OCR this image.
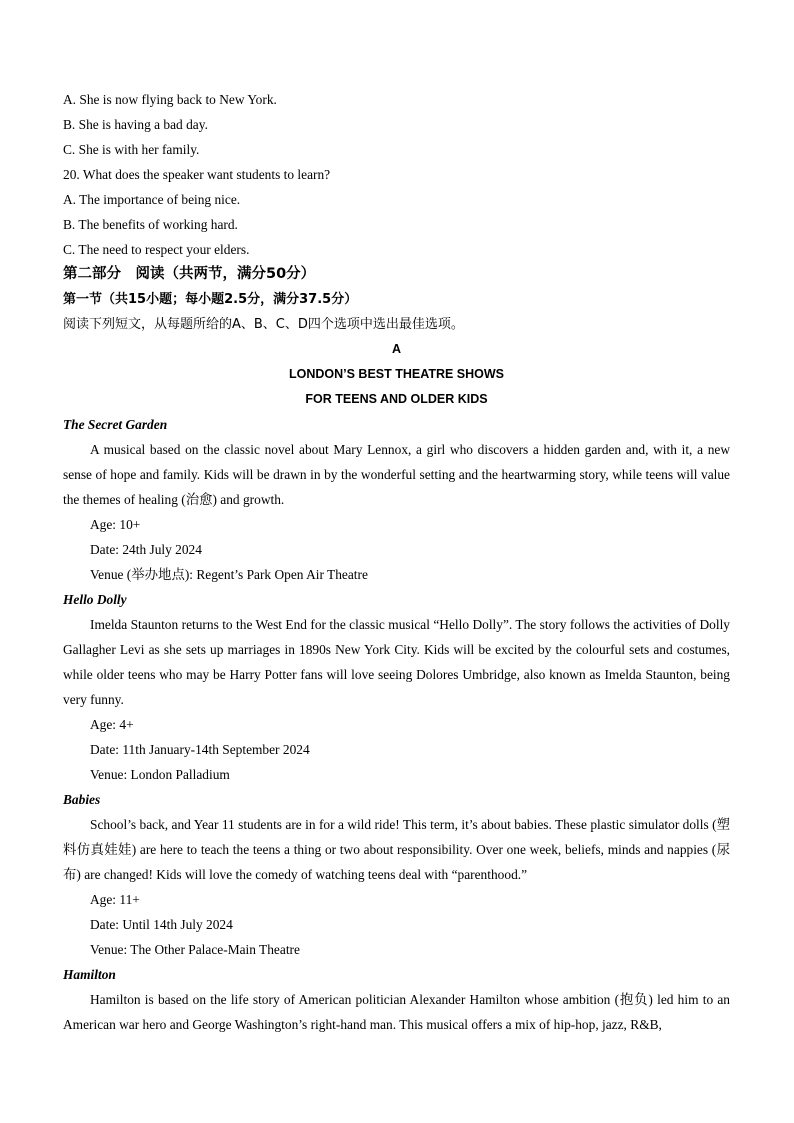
A. She is now flying back to New York.
B. She is having a bad day.
C. She is with her family.
20. What does the speaker want students to learn?
A. The importance of being nice.
B. The benefits of working hard.
C. The need to respect your elders.
第二部分　阅读（共两节，满分50分）
第一节（共15小题；每小题2.5分，满分37.5分）
阅读下列短文，从每题所给的A、B、C、D四个选项中选出最佳选项。
A
LONDON’S BEST THEATRE SHOWS
FOR TEENS AND OLDER KIDS
The Secret Garden

A musical based on the classic novel about Mary Lennox, a girl who discovers a hidden garden and, with it, a new sense of hope and family. Kids will be drawn in by the wonderful setting and the heartwarming story, while teens will value the themes of healing (治愈) and growth.

Age: 10+
Date: 24th July 2024
Venue (举办地点): Regent’s Park Open Air Theatre
Hello Dolly

Imelda Staunton returns to the West End for the classic musical “Hello Dolly”. The story follows the activities of Dolly Gallagher Levi as she sets up marriages in 1890s New York City. Kids will be excited by the colourful sets and costumes, while older teens who may be Harry Potter fans will love seeing Dolores Umbridge, also known as Imelda Staunton, being very funny.

Age: 4+
Date: 11th January-14th September 2024
Venue: London Palladium
Babies

School’s back, and Year 11 students are in for a wild ride! This term, it’s about babies. These plastic simulator dolls (塑料仿真娃娃) are here to teach the teens a thing or two about responsibility. Over one week, beliefs, minds and nappies (尿布) are changed! Kids will love the comedy of watching teens deal with “parenthood.”

Age: 11+
Date: Until 14th July 2024
Venue: The Other Palace-Main Theatre
Hamilton

Hamilton is based on the life story of American politician Alexander Hamilton whose ambition (抱负) led him to an American war hero and George Washington’s right-hand man. This musical offers a mix of hip-hop, jazz, R&B,
